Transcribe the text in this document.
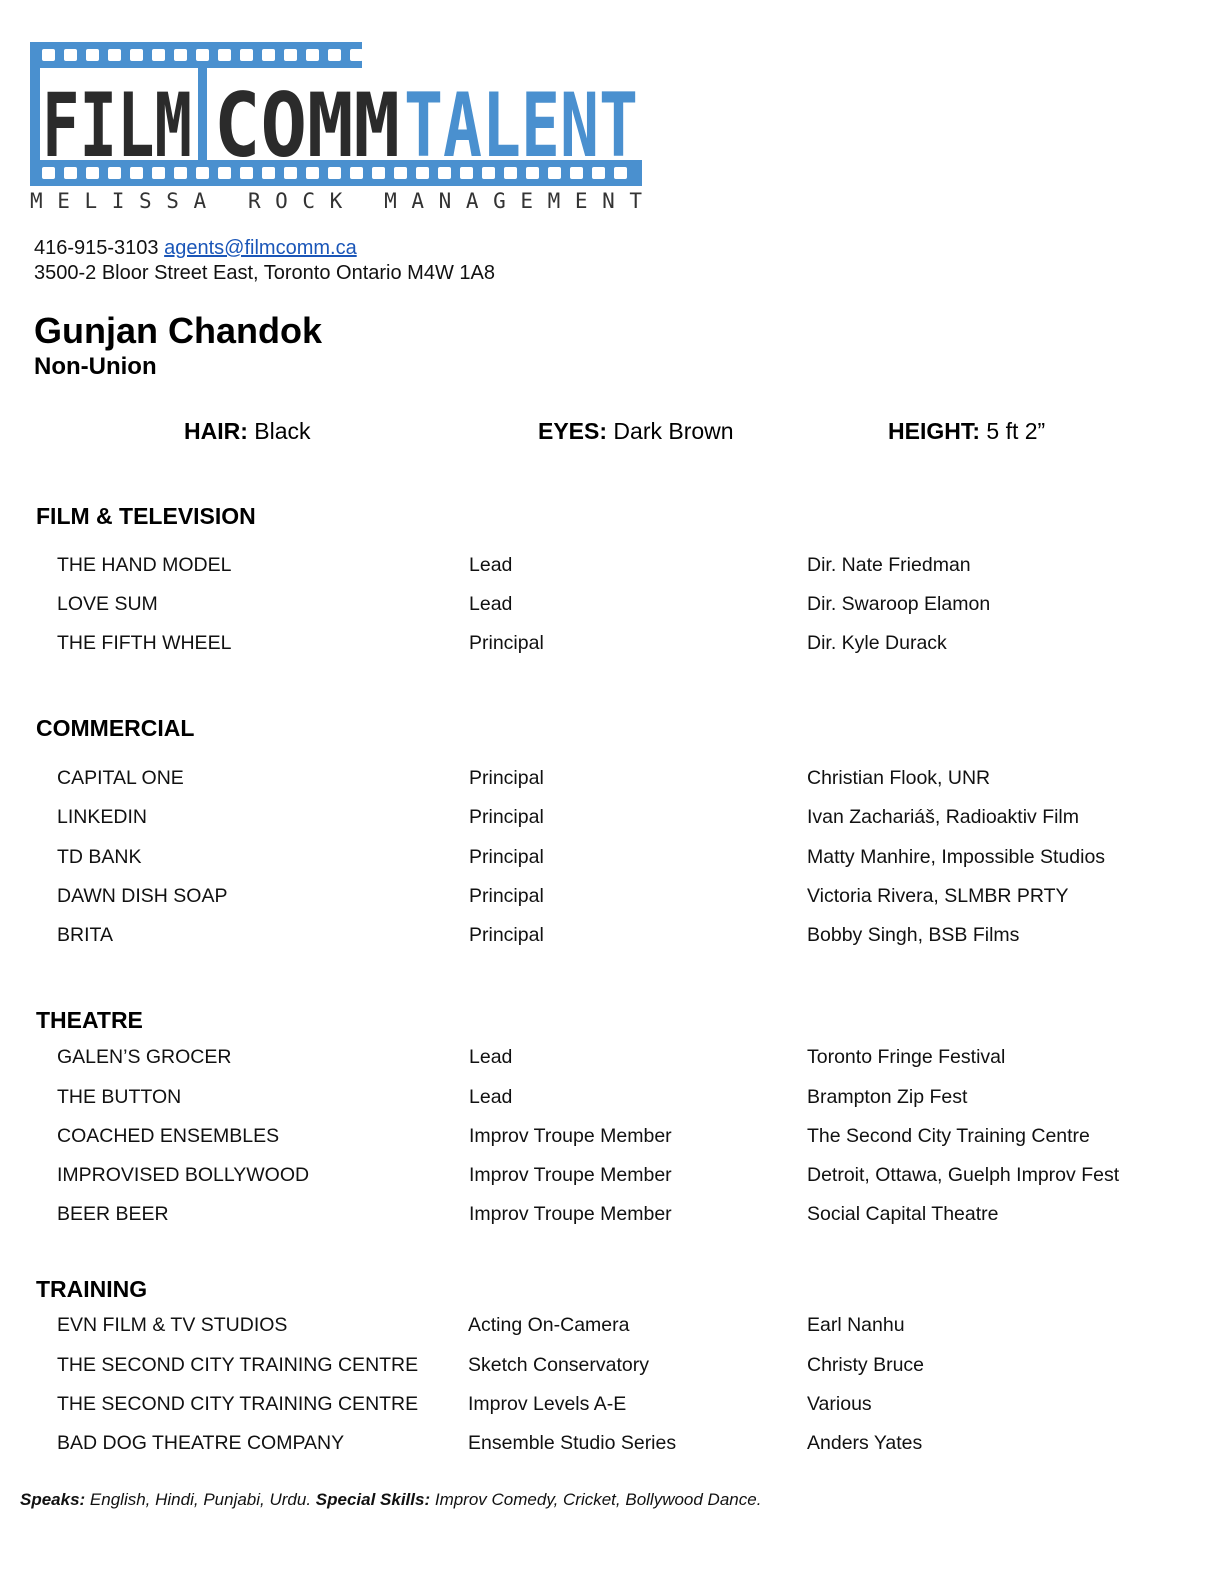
FILM COMM TALENT
MELISSA ROCK MANAGEMENT
416-915-3103 agents@filmcomm.ca
3500-2 Bloor Street East, Toronto Ontario M4W 1A8
Gunjan Chandok
Non-Union
HAIR: Black	EYES: Dark Brown	HEIGHT: 5 ft 2”
FILM & TELEVISION
THE HAND MODEL	Lead	Dir. Nate Friedman
LOVE SUM	Lead	Dir. Swaroop Elamon
THE FIFTH WHEEL	Principal	Dir. Kyle Durack
COMMERCIAL
CAPITAL ONE	Principal	Christian Flook, UNR
LINKEDIN	Principal	Ivan Zachariáš, Radioaktiv Film
TD BANK	Principal	Matty Manhire, Impossible Studios
DAWN DISH SOAP	Principal	Victoria Rivera, SLMBR PRTY
BRITA	Principal	Bobby Singh, BSB Films
THEATRE
GALEN’S GROCER	Lead	Toronto Fringe Festival
THE BUTTON	Lead	Brampton Zip Fest
COACHED ENSEMBLES	Improv Troupe Member	The Second City Training Centre
IMPROVISED BOLLYWOOD	Improv Troupe Member	Detroit, Ottawa, Guelph Improv Fest
BEER BEER	Improv Troupe Member	Social Capital Theatre
TRAINING
EVN FILM & TV STUDIOS	Acting On-Camera	Earl Nanhu
THE SECOND CITY TRAINING CENTRE	Sketch Conservatory	Christy Bruce
THE SECOND CITY TRAINING CENTRE	Improv Levels A-E	Various
BAD DOG THEATRE COMPANY	Ensemble Studio Series	Anders Yates
Speaks: English, Hindi, Punjabi, Urdu. Special Skills: Improv Comedy, Cricket, Bollywood Dance.
